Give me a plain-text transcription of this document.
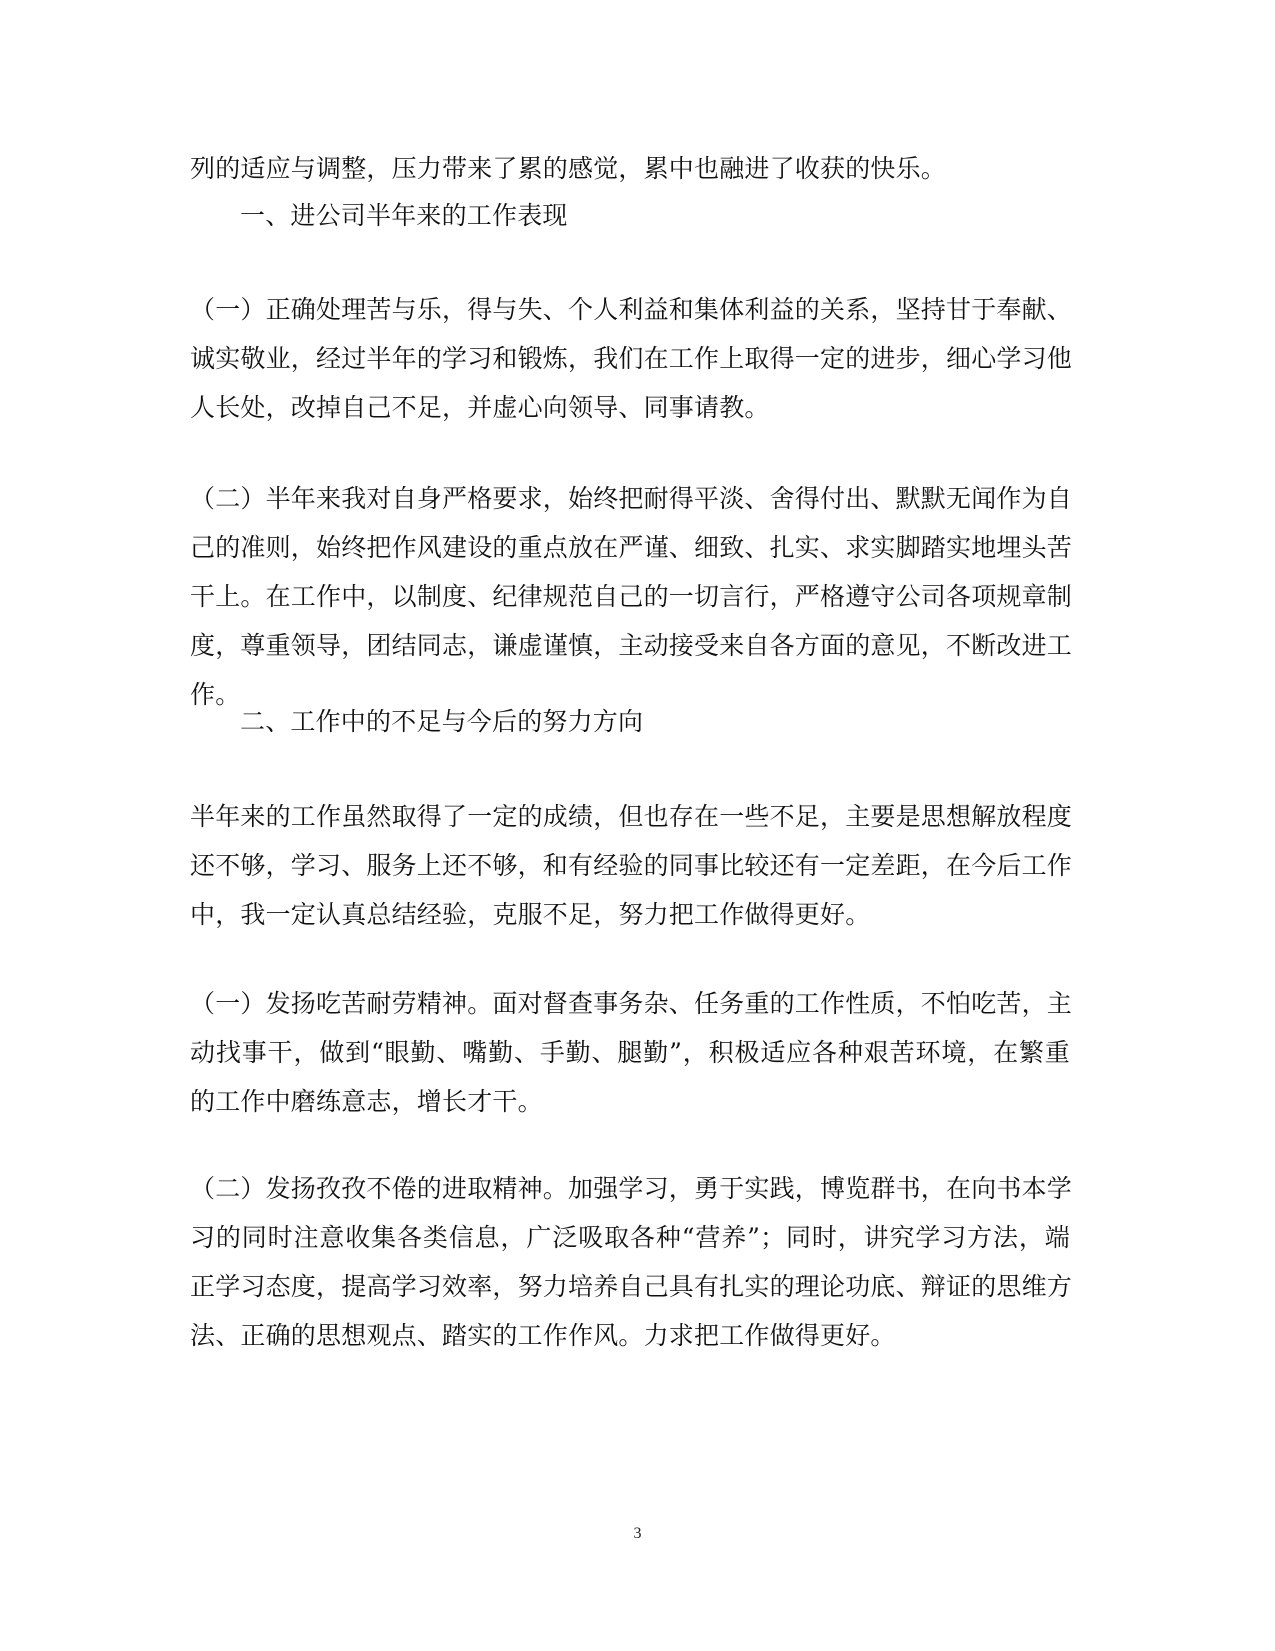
列的适应与调整，压力带来了累的感觉，累中也融进了收获的快乐。
一、进公司半年来的工作表现
（一）正确处理苦与乐，得与失、个人利益和集体利益的关系，坚持甘于奉献、
诚实敬业，经过半年的学习和锻炼，我们在工作上取得一定的进步，细心学习他
人长处，改掉自己不足，并虚心向领导、同事请教。
（二）半年来我对自身严格要求，始终把耐得平淡、舍得付出、默默无闻作为自
己的准则，始终把作风建设的重点放在严谨、细致、扎实、求实脚踏实地埋头苦
干上。在工作中，以制度、纪律规范自己的一切言行，严格遵守公司各项规章制
度，尊重领导，团结同志，谦虚谨慎，主动接受来自各方面的意见，不断改进工
作。
二、工作中的不足与今后的努力方向
半年来的工作虽然取得了一定的成绩，但也存在一些不足，主要是思想解放程度
还不够，学习、服务上还不够，和有经验的同事比较还有一定差距，在今后工作
中，我一定认真总结经验，克服不足，努力把工作做得更好。
（一）发扬吃苦耐劳精神。面对督查事务杂、任务重的工作性质，不怕吃苦，主
动找事干，做到“眼勤、嘴勤、手勤、腿勤”，积极适应各种艰苦环境，在繁重
的工作中磨练意志，增长才干。
（二）发扬孜孜不倦的进取精神。加强学习，勇于实践，博览群书，在向书本学
习的同时注意收集各类信息，广泛吸取各种“营养”；同时，讲究学习方法，端
正学习态度，提高学习效率，努力培养自己具有扎实的理论功底、辩证的思维方
法、正确的思想观点、踏实的工作作风。力求把工作做得更好。
3
